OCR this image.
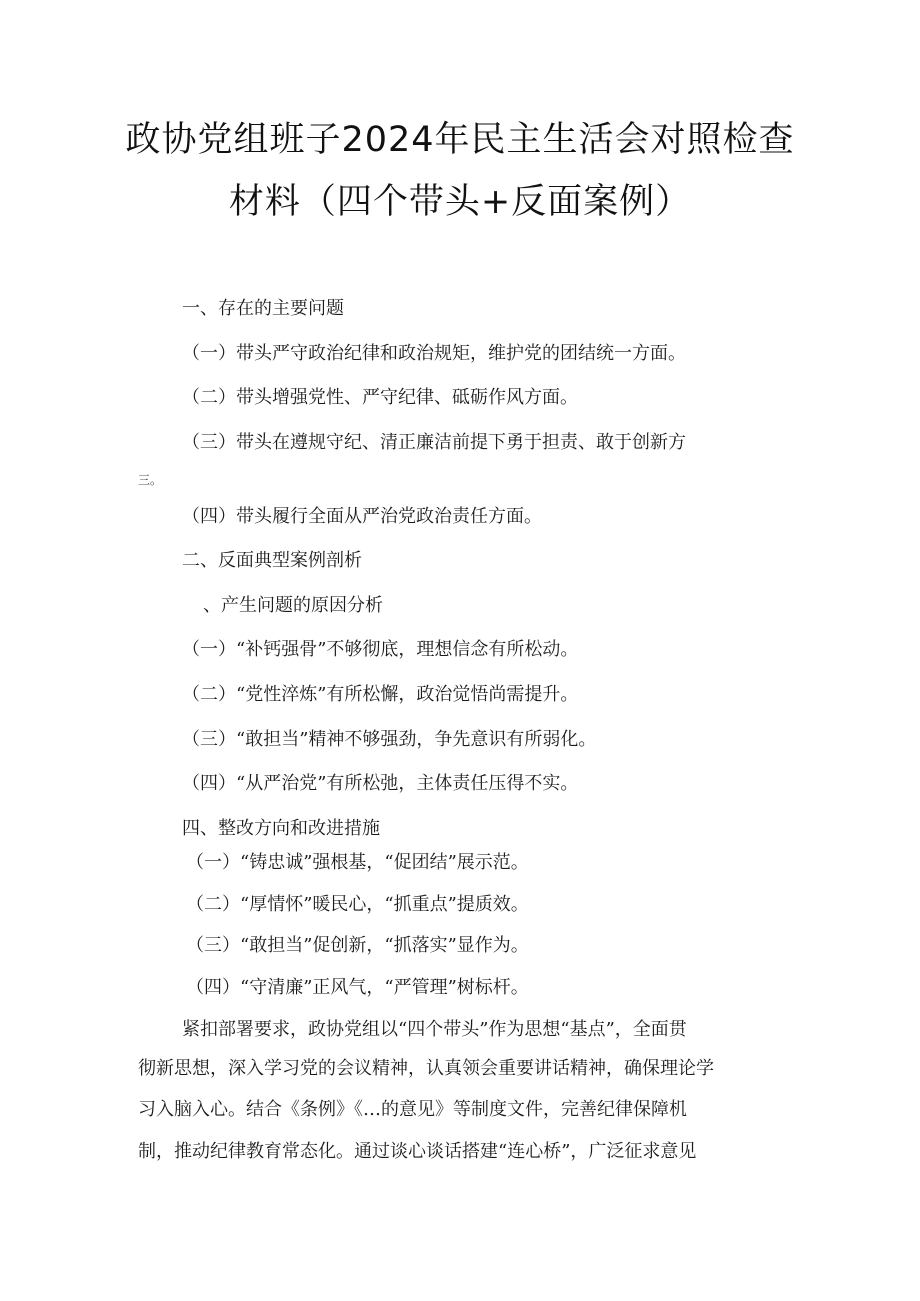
政协党组班子2024年民主生活会对照检查
材料（四个带头+反面案例）
一、存在的主要问题
（一）带头严守政治纪律和政治规矩，维护党的团结统一方面。
（二）带头增强党性、严守纪律、砥砺作风方面。
（三）带头在遵规守纪、清正廉洁前提下勇于担责、敢于创新方
三。
（四）带头履行全面从严治党政治责任方面。
二、反面典型案例剖析
、产生问题的原因分析
（一）“补钙强骨”不够彻底，理想信念有所松动。
（二）“党性淬炼”有所松懈，政治觉悟尚需提升。
（三）“敢担当”精神不够强劲，争先意识有所弱化。
（四）“从严治党”有所松弛，主体责任压得不实。
四、整改方向和改进措施
（一）“铸忠诚”强根基，“促团结”展示范。
（二）“厚情怀”暖民心，“抓重点”提质效。
（三）“敢担当”促创新，“抓落实”显作为。
（四）“守清廉”正风气，“严管理”树标杆。
紧扣部署要求，政协党组以“四个带头”作为思想“基点”，全面贯
彻新思想，深入学习党的会议精神，认真领会重要讲话精神，确保理论学
习入脑入心。结合《条例》《…的意见》等制度文件，完善纪律保障机
制，推动纪律教育常态化。通过谈心谈话搭建“连心桥”，广泛征求意见
